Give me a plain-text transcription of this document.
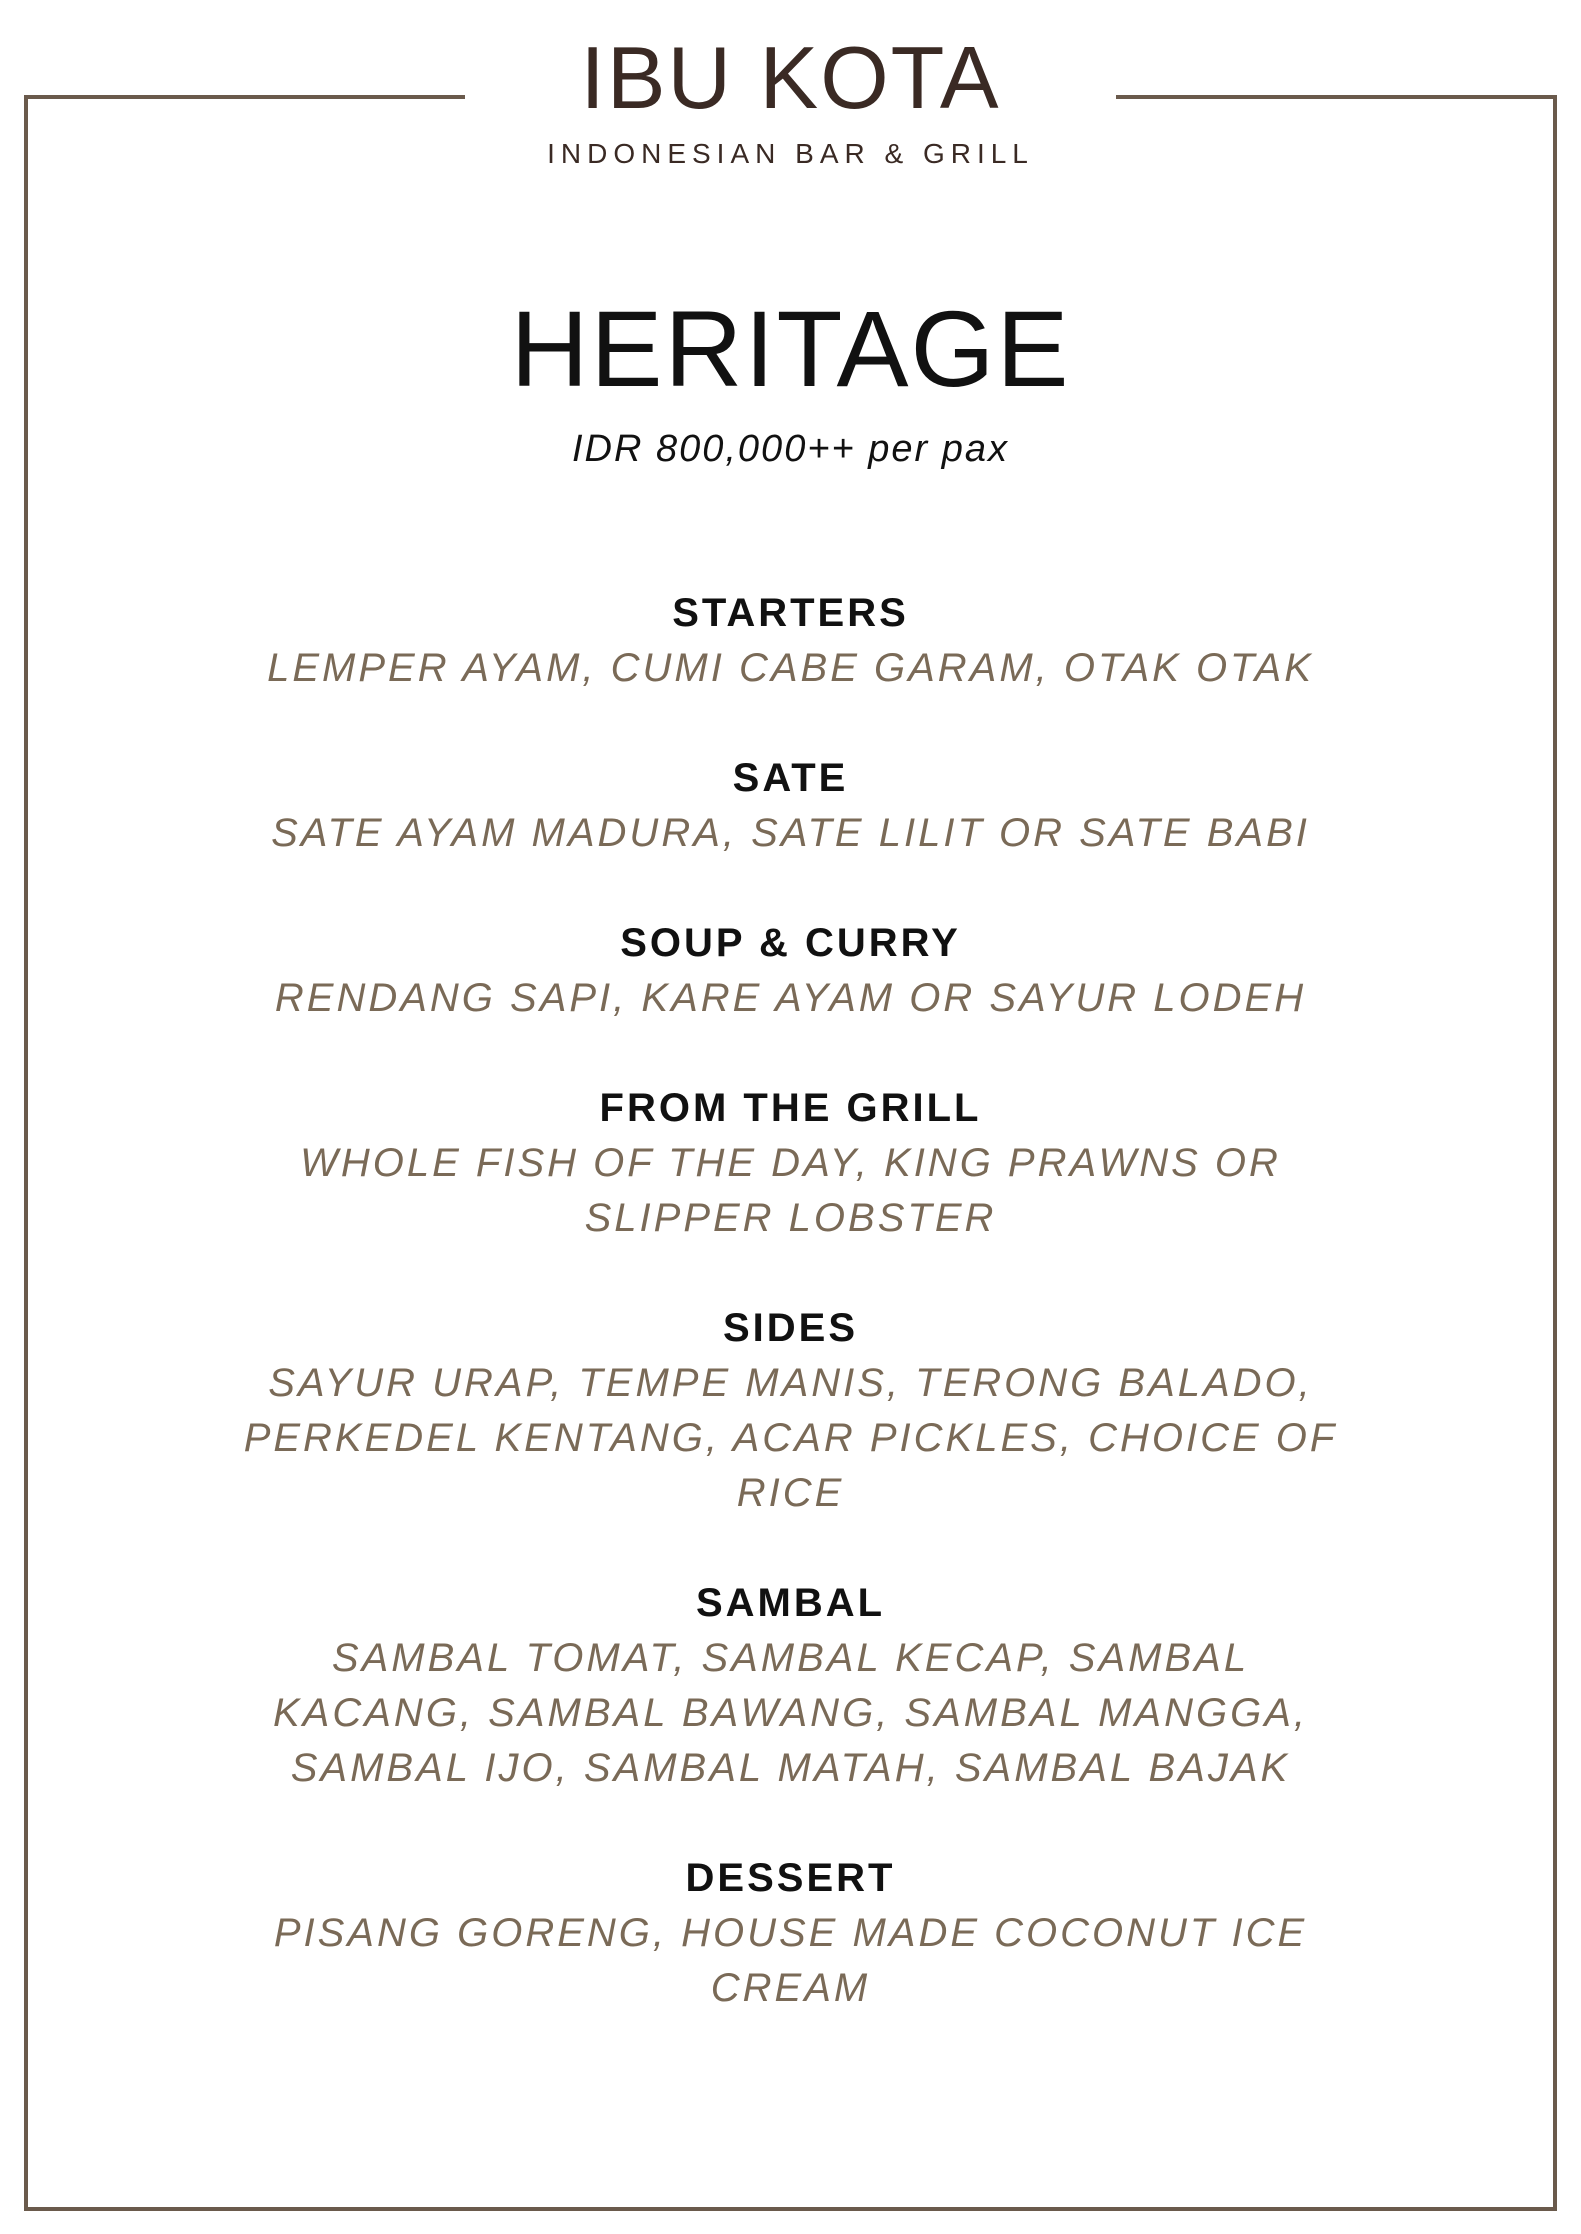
IBU KOTA
INDONESIAN BAR & GRILL
HERITAGE
IDR 800,000++ per pax
STARTERS
LEMPER AYAM, CUMI CABE GARAM, OTAK OTAK
SATE
SATE AYAM MADURA, SATE LILIT OR SATE BABI
SOUP & CURRY
RENDANG SAPI, KARE AYAM OR SAYUR LODEH
FROM THE GRILL
WHOLE FISH OF THE DAY, KING PRAWNS OR
SLIPPER LOBSTER
SIDES
SAYUR URAP, TEMPE MANIS, TERONG BALADO,
PERKEDEL KENTANG, ACAR PICKLES, CHOICE OF
RICE
SAMBAL
SAMBAL TOMAT, SAMBAL KECAP, SAMBAL
KACANG, SAMBAL BAWANG, SAMBAL MANGGA,
SAMBAL IJO, SAMBAL MATAH, SAMBAL BAJAK
DESSERT
PISANG GORENG, HOUSE MADE COCONUT ICE
CREAM
